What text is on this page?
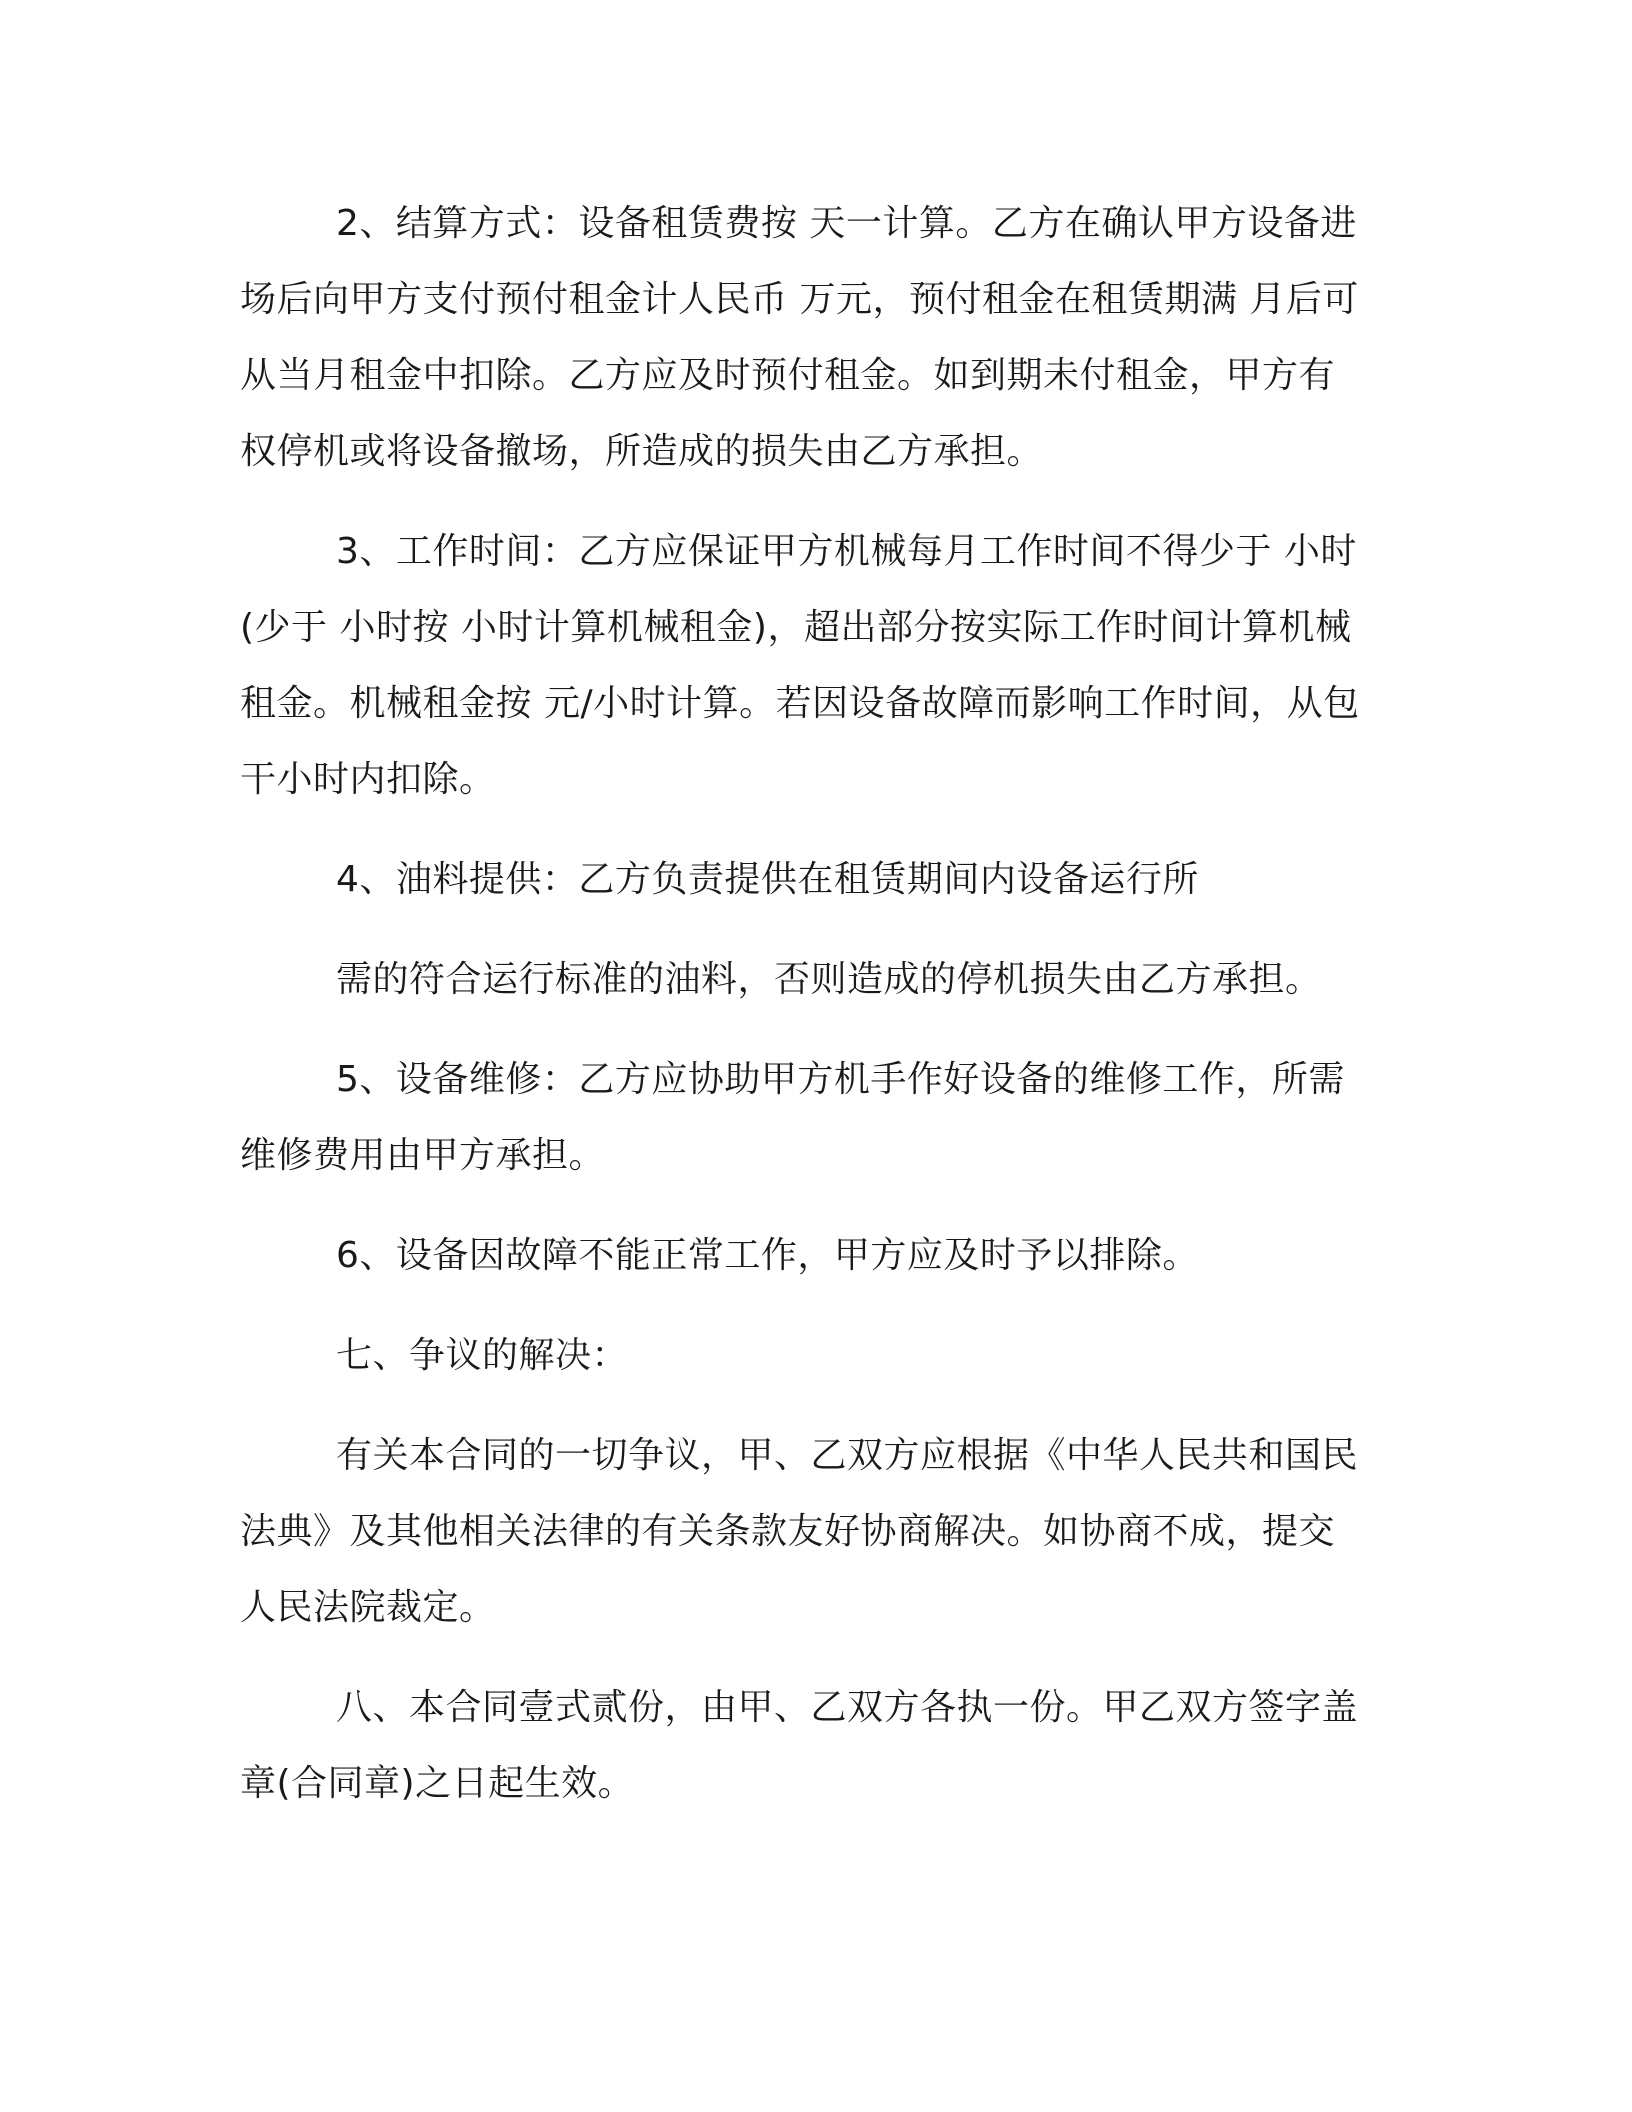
2、结算方式：设备租赁费按 天一计算。乙方在确认甲方设备进
场后向甲方支付预付租金计人民币 万元，预付租金在租赁期满 月后可
从当月租金中扣除。乙方应及时预付租金。如到期未付租金，甲方有
权停机或将设备撤场，所造成的损失由乙方承担。
3、工作时间：乙方应保证甲方机械每月工作时间不得少于 小时
(少于 小时按 小时计算机械租金)，超出部分按实际工作时间计算机械
租金。机械租金按 元/小时计算。若因设备故障而影响工作时间，从包
干小时内扣除。
4、油料提供：乙方负责提供在租赁期间内设备运行所
需的符合运行标准的油料，否则造成的停机损失由乙方承担。
5、设备维修：乙方应协助甲方机手作好设备的维修工作，所需
维修费用由甲方承担。
6、设备因故障不能正常工作，甲方应及时予以排除。
七、争议的解决：
有关本合同的一切争议，甲、乙双方应根据《中华人民共和国民
法典》及其他相关法律的有关条款友好协商解决。如协商不成，提交
人民法院裁定。
八、本合同壹式贰份，由甲、乙双方各执一份。甲乙双方签字盖
章(合同章)之日起生效。
